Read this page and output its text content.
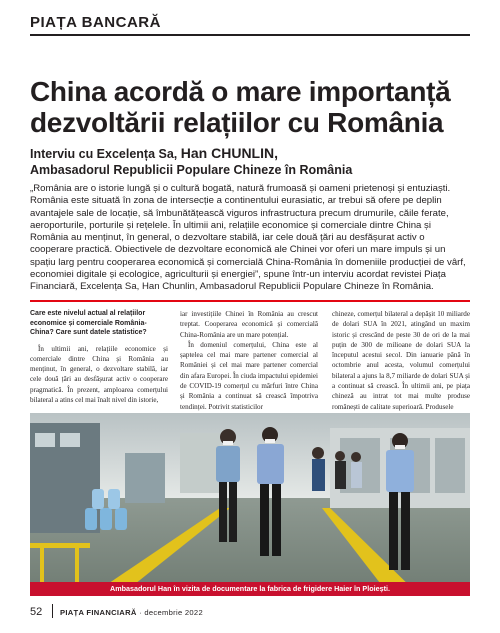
PIAȚA BANCARĂ
China acordă o mare importanță
dezvoltării relațiilor cu România
Interviu cu Excelența Sa, Han CHUNLIN,
Ambasadorul Republicii Populare Chineze în România

„România are o istorie lungă și o cultură bogată, natură frumoasă și oameni prietenoși și entuziaști. România este situată în zona de intersecție a continentului eurasiatic, ar trebui să ofere pe deplin avantajele sale de locație, să îmbunătățească viguros infrastructura precum drumurile, căile ferate, aeroporturile, porturile și rețelele. În ultimii ani, relațiile economice și comerciale dintre China și România au menținut, în general, o dezvoltare stabilă, iar cele două țări au desfășurat activ o cooperare practică. Obiectivele de dezvoltare economică ale Chinei vor oferi un mare impuls și un spațiu larg pentru cooperarea economică și comercială China-România în domeniile producției de vârf, economiei digitale și ecologice, agriculturii și energiei”, spune într-un interviu acordat revistei Piața Financiară, Excelența Sa, Han Chunlin, Ambasadorul Republicii Populare Chineze în România.

Care este nivelul actual al relațiilor economice și comerciale România-China? Care sunt datele statistice?

În ultimii ani, relațiile economice și comerciale dintre China și România au menținut, în general, o dezvoltare stabilă, iar cele două țări au desfășurat activ o cooperare pragmatică. În prezent, amploarea comerțului bilateral a atins cel mai înalt nivel din istorie,

iar investițiile Chinei în România au crescut treptat. Cooperarea economică și comercială China-România are un mare potențial.

În domeniul comerțului, China este al șaptelea cel mai mare partener comercial al României și cel mai mare partener comercial din afara Europei. În ciuda impactului epidemiei de COVID-19 comerțul cu mărfuri între China și România a continuat să crească împotriva tendinței. Potrivit statisticilor

chineze, comerțul bilateral a depășit 10 miliarde de dolari SUA în 2021, atingând un maxim istoric și crescând de peste 30 de ori de la mai puțin de 300 de milioane de dolari SUA la începutul acestui secol. Din ianuarie până în octombrie anul acesta, volumul comerțului bilateral a ajuns la 8,7 miliarde de dolari SUA și a continuat să crească. În ultimii ani, pe piața chineză au intrat tot mai multe produse românești de calitate superioară. Produsele

Ambasadorul Han în vizita de documentare la fabrica de frigidere Haier în Ploiești.
52 PIAȚA FINANCIARĂ · decembrie 2022
